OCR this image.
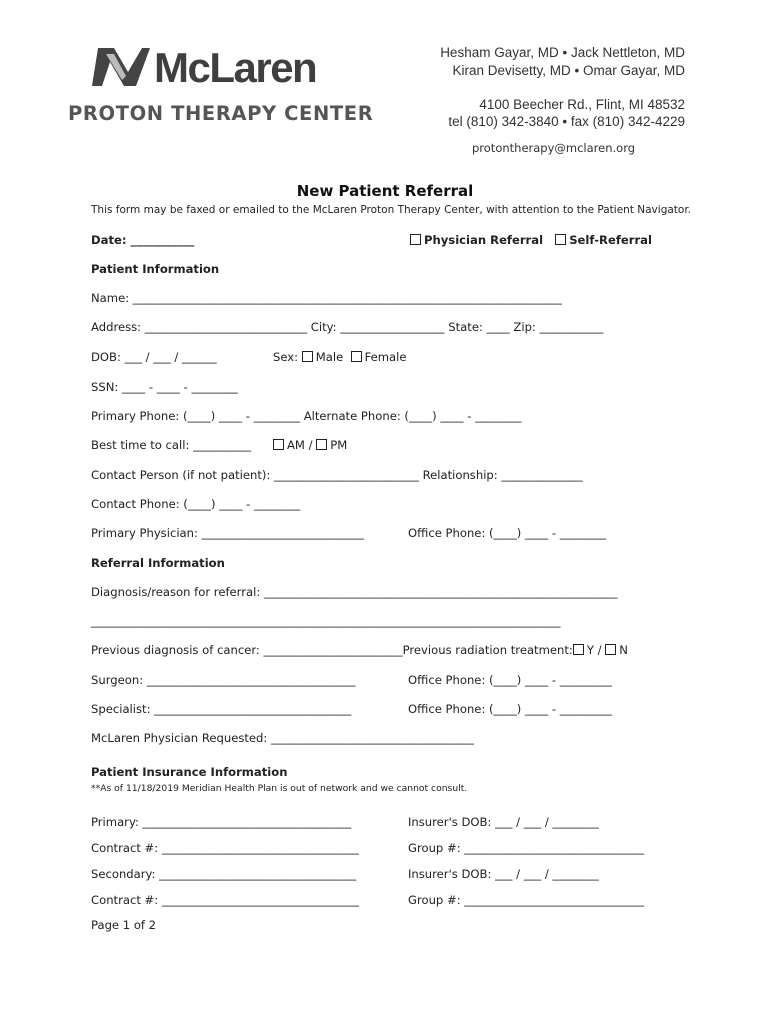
McLaren
PROTON THERAPY CENTER
Hesham Gayar, MD • Jack Nettleton, MD
Kiran Devisetty, MD • Omar Gayar, MD
4100 Beecher Rd., Flint, MI 48532
tel (810) 342-3840 • fax (810) 342-4229
protontherapy@mclaren.org
New Patient Referral
This form may be faxed or emailed to the McLaren Proton Therapy Center, with attention to the Patient Navigator.
Date: ___________	Physician Referral Self-Referral
Patient Information
Name: __________________________________________________________________________
Address: ____________________________ City: __________________ State: ____ Zip: ___________
DOB: ___ / ___ / ______	Sex: Male Female
SSN: ____ - ____ - ________
Primary Phone: (____) ____ - ________ Alternate Phone: (____) ____ - ________
Best time to call: __________	AM / PM
Contact Person (if not patient): _________________________ Relationship: ______________
Contact Phone: (____) ____ - ________
Primary Physician: ____________________________	Office Phone: (____) ____ - ________
Referral Information
Diagnosis/reason for referral: _____________________________________________________________
_________________________________________________________________________________
Previous diagnosis of cancer: ________________________Previous radiation treatment: Y / N
Surgeon: ____________________________________	Office Phone: (____) ____ - _________
Specialist: __________________________________	Office Phone: (____) ____ - _________
McLaren Physician Requested: ___________________________________
Patient Insurance Information
**As of 11/18/2019 Meridian Health Plan is out of network and we cannot consult.
Primary: ____________________________________	Insurer's DOB: ___ / ___ / ________
Contract #: __________________________________	Group #: _______________________________
Secondary: __________________________________	Insurer's DOB: ___ / ___ / ________
Contract #: __________________________________	Group #: _______________________________
Page 1 of 2
